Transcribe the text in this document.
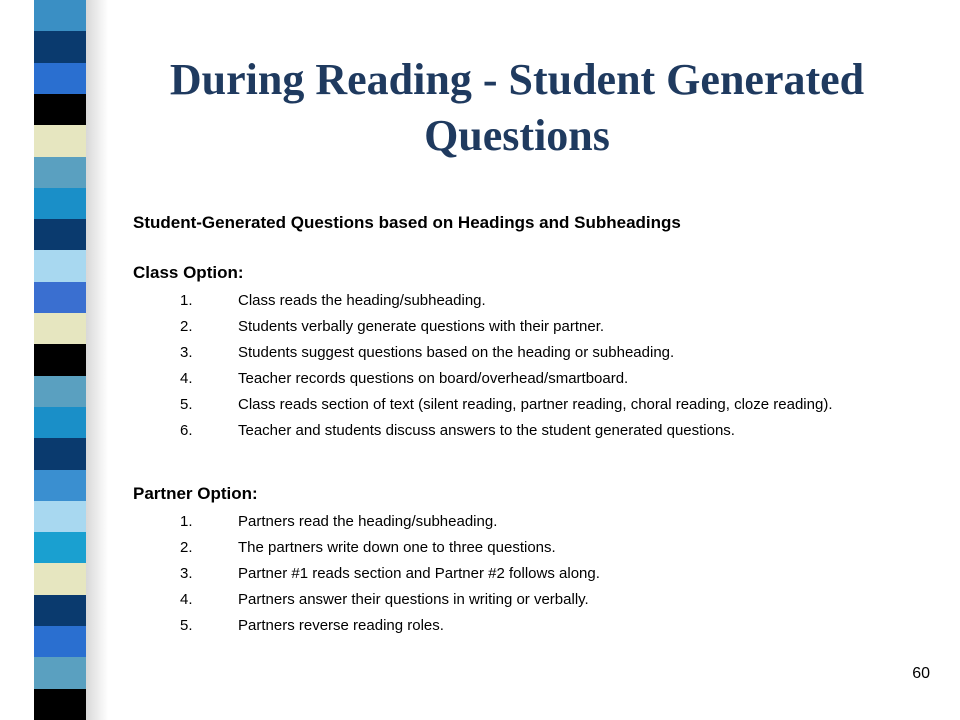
During Reading - Student Generated
Questions

Student-Generated Questions based on Headings and Subheadings

Class Option:

1.	Class reads the heading/subheading.
2.	Students verbally generate questions with their partner.
3.	Students suggest questions based on the heading or subheading.
4.	Teacher records questions on board/overhead/smartboard.
5.	Class reads section of text (silent reading, partner reading, choral reading, cloze reading).
6.	Teacher and students discuss answers to the student generated questions.

Partner Option:

1.	Partners read the heading/subheading.
2.	The partners write down one to three questions.
3.	Partner #1 reads section and Partner #2 follows along.
4.	Partners answer their questions in writing or verbally.
5.	Partners reverse reading roles.
60
